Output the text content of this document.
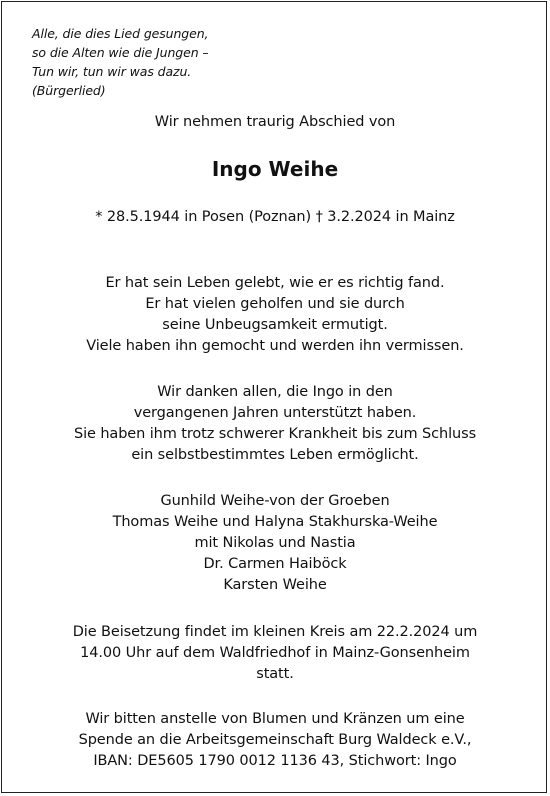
Alle, die dies Lied gesungen,
so die Alten wie die Jungen –
Tun wir, tun wir was dazu.
(Bürgerlied)
Wir nehmen traurig Abschied von
Ingo Weihe
* 28.5.1944 in Posen (Poznan) † 3.2.2024 in Mainz
Er hat sein Leben gelebt, wie er es richtig fand.
Er hat vielen geholfen und sie durch
seine Unbeugsamkeit ermutigt.
Viele haben ihn gemocht und werden ihn vermissen.
Wir danken allen, die Ingo in den
vergangenen Jahren unterstützt haben.
Sie haben ihm trotz schwerer Krankheit bis zum Schluss
ein selbstbestimmtes Leben ermöglicht.
Gunhild Weihe-von der Groeben
Thomas Weihe und Halyna Stakhurska-Weihe
mit Nikolas und Nastia
Dr. Carmen Haiböck
Karsten Weihe
Die Beisetzung findet im kleinen Kreis am 22.2.2024 um
14.00 Uhr auf dem Waldfriedhof in Mainz-Gonsenheim
statt.
Wir bitten anstelle von Blumen und Kränzen um eine
Spende an die Arbeitsgemeinschaft Burg Waldeck e.V.,
IBAN: DE5605 1790 0012 1136 43, Stichwort: Ingo
